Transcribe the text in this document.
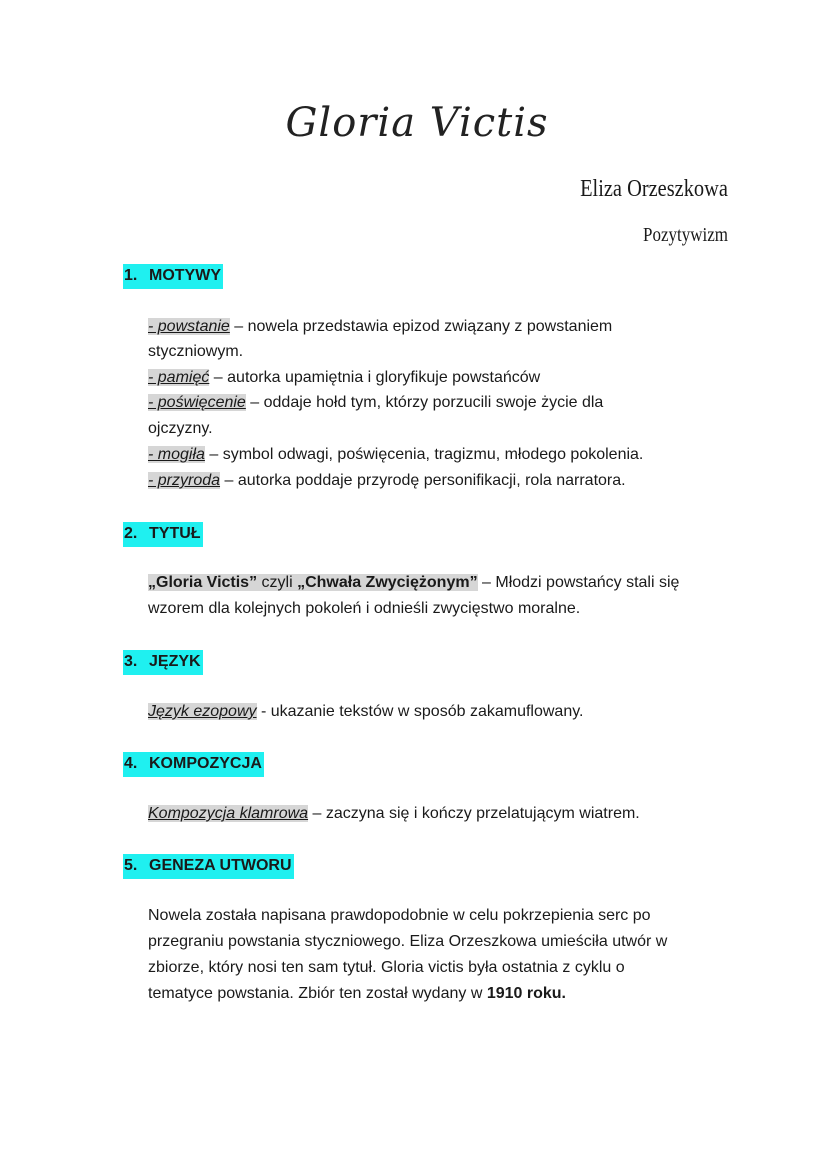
Gloria Victis
Eliza Orzeszkowa
Pozytywizm
1. MOTYWY
- powstanie – nowela przedstawia epizod związany z powstaniem
styczniowym.
- pamięć – autorka upamiętnia i gloryfikuje powstańców
- poświęcenie – oddaje hołd tym, którzy porzucili swoje życie dla
ojczyzny.
- mogiła – symbol odwagi, poświęcenia, tragizmu, młodego pokolenia.
- przyroda – autorka poddaje przyrodę personifikacji, rola narratora.
2. TYTUŁ
„Gloria Victis” czyli „Chwała Zwyciężonym” – Młodzi powstańcy stali się
wzorem dla kolejnych pokoleń i odnieśli zwycięstwo moralne.
3. JĘZYK
Język ezopowy - ukazanie tekstów w sposób zakamuflowany.
4. KOMPOZYCJA
Kompozycja klamrowa – zaczyna się i kończy przelatującym wiatrem.
5. GENEZA UTWORU
Nowela została napisana prawdopodobnie w celu pokrzepienia serc po
przegraniu powstania styczniowego. Eliza Orzeszkowa umieściła utwór w
zbiorze, który nosi ten sam tytuł. Gloria victis była ostatnia z cyklu o
tematyce powstania. Zbiór ten został wydany w 1910 roku.
